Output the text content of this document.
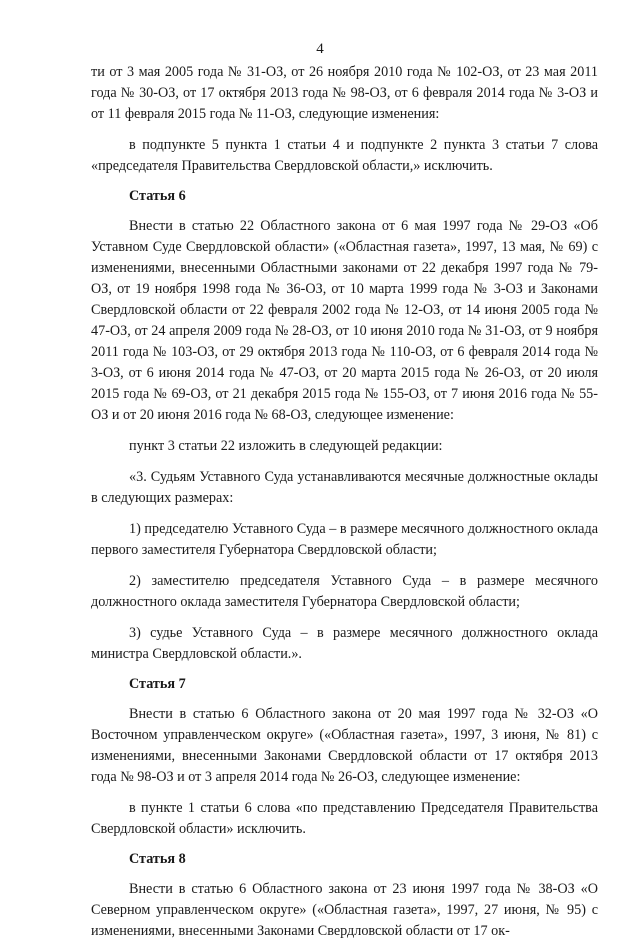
4

ти от 3 мая 2005 года № 31-ОЗ, от 26 ноября 2010 года № 102-ОЗ, от 23 мая 2011 года № 30-ОЗ, от 17 октября 2013 года № 98-ОЗ, от 6 февраля 2014 года № 3-ОЗ и от 11 февраля 2015 года № 11-ОЗ, следующие изменения:

в подпункте 5 пункта 1 статьи 4 и подпункте 2 пункта 3 статьи 7 слова «председателя Правительства Свердловской области,» исключить.

Статья 6

Внести в статью 22 Областного закона от 6 мая 1997 года № 29-ОЗ «Об Уставном Суде Свердловской области» («Областная газета», 1997, 13 мая, № 69) с изменениями, внесенными Областными законами от 22 декабря 1997 года № 79-ОЗ, от 19 ноября 1998 года № 36-ОЗ, от 10 марта 1999 года № 3-ОЗ и Законами Свердловской области от 22 февраля 2002 года № 12-ОЗ, от 14 июня 2005 года № 47-ОЗ, от 24 апреля 2009 года № 28-ОЗ, от 10 июня 2010 года № 31-ОЗ, от 9 ноября 2011 года № 103-ОЗ, от 29 октября 2013 года № 110-ОЗ, от 6 февраля 2014 года № 3-ОЗ, от 6 июня 2014 года № 47-ОЗ, от 20 марта 2015 года № 26-ОЗ, от 20 июля 2015 года № 69-ОЗ, от 21 декабря 2015 года № 155-ОЗ, от 7 июня 2016 года № 55-ОЗ и от 20 июня 2016 года № 68-ОЗ, следующее изменение:

пункт 3 статьи 22 изложить в следующей редакции:

«3. Судьям Уставного Суда устанавливаются месячные должностные оклады в следующих размерах:

1) председателю Уставного Суда – в размере месячного должностного оклада первого заместителя Губернатора Свердловской области;

2) заместителю председателя Уставного Суда – в размере месячного должностного оклада заместителя Губернатора Свердловской области;

3) судье Уставного Суда – в размере месячного должностного оклада министра Свердловской области.».

Статья 7

Внести в статью 6 Областного закона от 20 мая 1997 года № 32-ОЗ «О Восточном управленческом округе» («Областная газета», 1997, 3 июня, № 81) с изменениями, внесенными Законами Свердловской области от 17 октября 2013 года № 98-ОЗ и от 3 апреля 2014 года № 26-ОЗ, следующее изменение:

в пункте 1 статьи 6 слова «по представлению Председателя Правительства Свердловской области» исключить.

Статья 8

Внести в статью 6 Областного закона от 23 июня 1997 года № 38-ОЗ «О Северном управленческом округе» («Областная газета», 1997, 27 июня, № 95) с изменениями, внесенными Законами Свердловской области от 17 ок-
